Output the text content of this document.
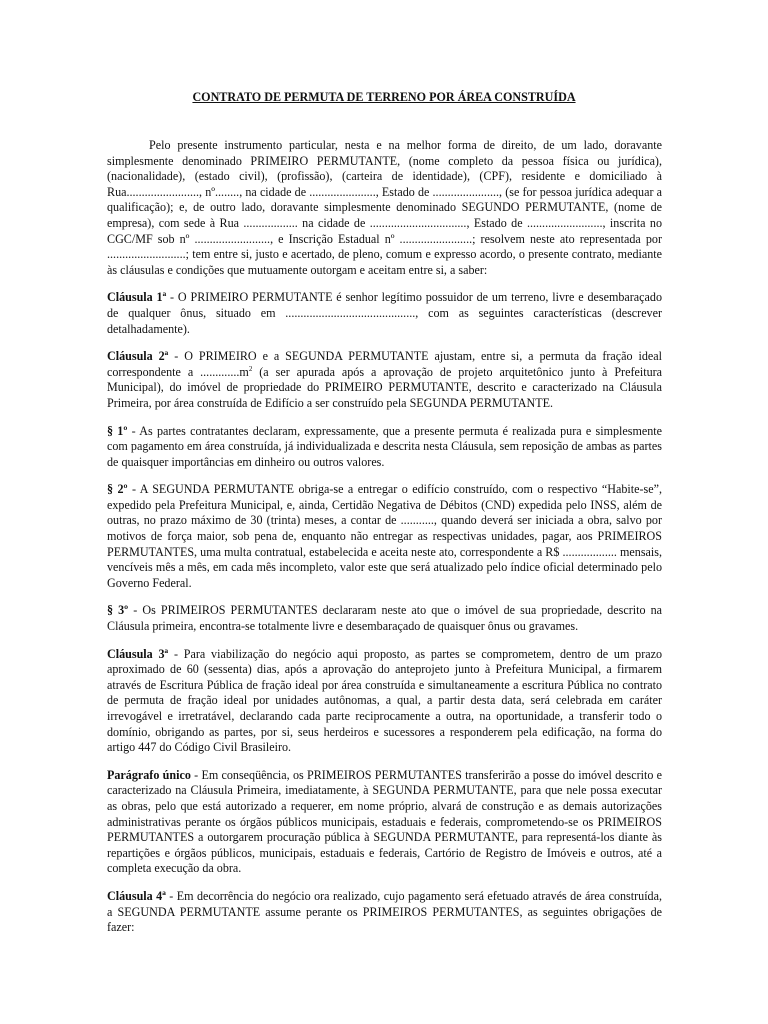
CONTRATO DE PERMUTA DE TERRENO POR ÁREA CONSTRUÍDA

Pelo presente instrumento particular, nesta e na melhor forma de direito, de um lado, doravante simplesmente denominado PRIMEIRO PERMUTANTE, (nome completo da pessoa física ou jurídica), (nacionalidade), (estado civil), (profissão), (carteira de identidade), (CPF), residente e domiciliado à Rua........................, nº........, na cidade de ......................, Estado de ......................, (se for pessoa jurídica adequar a qualificação); e, de outro lado, doravante simplesmente denominado SEGUNDO PERMUTANTE, (nome de empresa), com sede à Rua .................. na cidade de ................................, Estado de ........................., inscrita no CGC/MF sob nº ........................., e Inscrição Estadual nº ........................; resolvem neste ato representada por ..........................; tem entre si, justo e acertado, de pleno, comum e expresso acordo, o presente contrato, mediante às cláusulas e condições que mutuamente outorgam e aceitam entre si, a saber:

Cláusula 1ª - O PRIMEIRO PERMUTANTE é senhor legítimo possuidor de um terreno, livre e desembaraçado de qualquer ônus, situado em ..........................................., com as seguintes características (descrever detalhadamente).

Cláusula 2ª - O PRIMEIRO e a SEGUNDA PERMUTANTE ajustam, entre si, a permuta da fração ideal correspondente a $.............m^2$ (a ser apurada após a aprovação de projeto arquitetônico junto à Prefeitura Municipal), do imóvel de propriedade do PRIMEIRO PERMUTANTE, descrito e caracterizado na Cláusula Primeira, por área construída de Edifício a ser construído pela SEGUNDA PERMUTANTE.

§ 1º - As partes contratantes declaram, expressamente, que a presente permuta é realizada pura e simplesmente com pagamento em área construída, já individualizada e descrita nesta Cláusula, sem reposição de ambas as partes de quaisquer importâncias em dinheiro ou outros valores.

§ 2º - A SEGUNDA PERMUTANTE obriga-se a entregar o edifício construído, com o respectivo “Habite-se”, expedido pela Prefeitura Municipal, e, ainda, Certidão Negativa de Débitos (CND) expedida pelo INSS, além de outras, no prazo máximo de 30 (trinta) meses, a contar de ..........., quando deverá ser iniciada a obra, salvo por motivos de força maior, sob pena de, enquanto não entregar as respectivas unidades, pagar, aos PRIMEIROS PERMUTANTES, uma multa contratual, estabelecida e aceita neste ato, correspondente a R$ .................. mensais, vencíveis mês a mês, em cada mês incompleto, valor este que será atualizado pelo índice oficial determinado pelo Governo Federal.

§ 3º - Os PRIMEIROS PERMUTANTES declararam neste ato que o imóvel de sua propriedade, descrito na Cláusula primeira, encontra-se totalmente livre e desembaraçado de quaisquer ônus ou gravames.

Cláusula 3ª - Para viabilização do negócio aqui proposto, as partes se comprometem, dentro de um prazo aproximado de 60 (sessenta) dias, após a aprovação do anteprojeto junto à Prefeitura Municipal, a firmarem através de Escritura Pública de fração ideal por área construída e simultaneamente a escritura Pública no contrato de permuta de fração ideal por unidades autônomas, a qual, a partir desta data, será celebrada em caráter irrevogável e irretratável, declarando cada parte reciprocamente a outra, na oportunidade, a transferir todo o domínio, obrigando as partes, por si, seus herdeiros e sucessores a responderem pela edificação, na forma do artigo 447 do Código Civil Brasileiro.

Parágrafo único - Em conseqüência, os PRIMEIROS PERMUTANTES transferirão a posse do imóvel descrito e caracterizado na Cláusula Primeira, imediatamente, à SEGUNDA PERMUTANTE, para que nele possa executar as obras, pelo que está autorizado a requerer, em nome próprio, alvará de construção e as demais autorizações administrativas perante os órgãos públicos municipais, estaduais e federais, comprometendo-se os PRIMEIROS PERMUTANTES a outorgarem procuração pública à SEGUNDA PERMUTANTE, para representá-los diante às repartições e órgãos públicos, municipais, estaduais e federais, Cartório de Registro de Imóveis e outros, até a completa execução da obra.

Cláusula 4ª - Em decorrência do negócio ora realizado, cujo pagamento será efetuado através de área construída, a SEGUNDA PERMUTANTE assume perante os PRIMEIROS PERMUTANTES, as seguintes obrigações de fazer:
